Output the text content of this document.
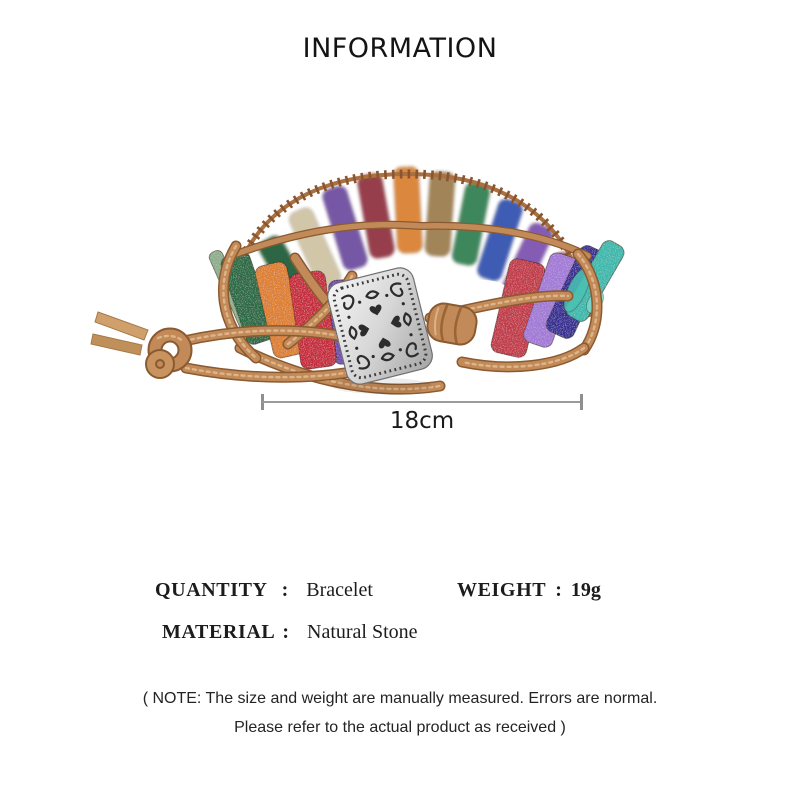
INFORMATION
18cm
QUANTITY : Bracelet	WEIGHT : 19g
MATERIAL : Natural Stone
( NOTE: The size and weight are manually measured. Errors are normal.
Please refer to the actual product as received )
